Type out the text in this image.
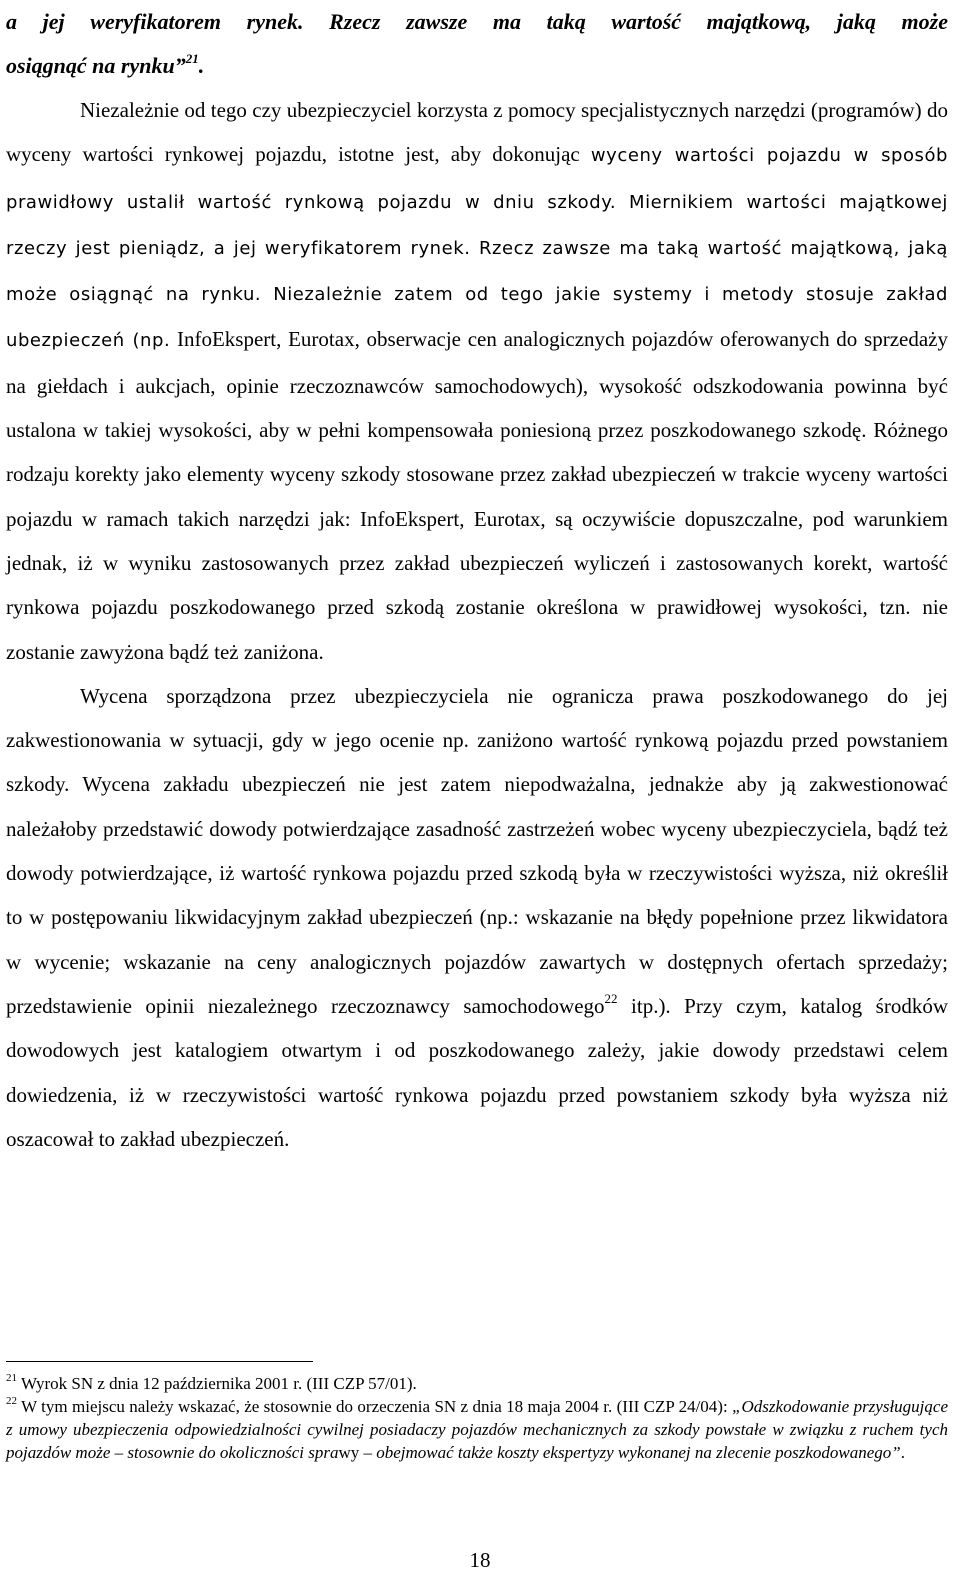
a jej weryfikatorem rynek. Rzecz zawsze ma taką wartość majątkową, jaką może
osiągnąć na rynku”$^{21}$.

Niezależnie od tego czy ubezpieczyciel korzysta z pomocy specjalistycznych narzędzi (programów) do wyceny wartości rynkowej pojazdu, istotne jest, aby dokonując wyceny wartości pojazdu w sposób prawidłowy ustalił wartość rynkową pojazdu w dniu szkody. Miernikiem wartości majątkowej rzeczy jest pieniądz, a jej weryfikatorem rynek. Rzecz zawsze ma taką wartość majątkową, jaką może osiągnąć na rynku. Niezależnie zatem od tego jakie systemy i metody stosuje zakład ubezpieczeń (np. InfoEkspert, Eurotax, obserwacje cen analogicznych pojazdów oferowanych do sprzedaży na giełdach i aukcjach, opinie rzeczoznawców samochodowych), wysokość odszkodowania powinna być ustalona w takiej wysokości, aby w pełni kompensowała poniesioną przez poszkodowanego szkodę. Różnego rodzaju korekty jako elementy wyceny szkody stosowane przez zakład ubezpieczeń w trakcie wyceny wartości pojazdu w ramach takich narzędzi jak: InfoEkspert, Eurotax, są oczywiście dopuszczalne, pod warunkiem jednak, iż w wyniku zastosowanych przez zakład ubezpieczeń wyliczeń i zastosowanych korekt, wartość rynkowa pojazdu poszkodowanego przed szkodą zostanie określona w prawidłowej wysokości, tzn. nie zostanie zawyżona bądź też zaniżona.

Wycena sporządzona przez ubezpieczyciela nie ogranicza prawa poszkodowanego do jej zakwestionowania w sytuacji, gdy w jego ocenie np. zaniżono wartość rynkową pojazdu przed powstaniem szkody. Wycena zakładu ubezpieczeń nie jest zatem niepodważalna, jednakże aby ją zakwestionować należałoby przedstawić dowody potwierdzające zasadność zastrzeżeń wobec wyceny ubezpieczyciela, bądź też dowody potwierdzające, iż wartość rynkowa pojazdu przed szkodą była w rzeczywistości wyższa, niż określił to w postępowaniu likwidacyjnym zakład ubezpieczeń (np.: wskazanie na błędy popełnione przez likwidatora w wycenie; wskazanie na ceny analogicznych pojazdów zawartych w dostępnych ofertach sprzedaży; przedstawienie opinii niezależnego rzeczoznawcy samochodowego$^{22}$ itp.). Przy czym, katalog środków dowodowych jest katalogiem otwartym i od poszkodowanego zależy, jakie dowody przedstawi celem dowiedzenia, iż w rzeczywistości wartość rynkowa pojazdu przed powstaniem szkody była wyższa niż oszacował to zakład ubezpieczeń.

$^{21}$ Wyrok SN z dnia 12 października 2001 r. (III CZP 57/01).

$^{22}$ W tym miejscu należy wskazać, że stosownie do orzeczenia SN z dnia 18 maja 2004 r. (III CZP 24/04): „Odszkodowanie przysługujące z umowy ubezpieczenia odpowiedzialności cywilnej posiadaczy pojazdów mechanicznych za szkody powstałe w związku z ruchem tych pojazdów może – stosownie do okoliczności sprawy – obejmować także koszty ekspertyzy wykonanej na zlecenie poszkodowanego”.

18
